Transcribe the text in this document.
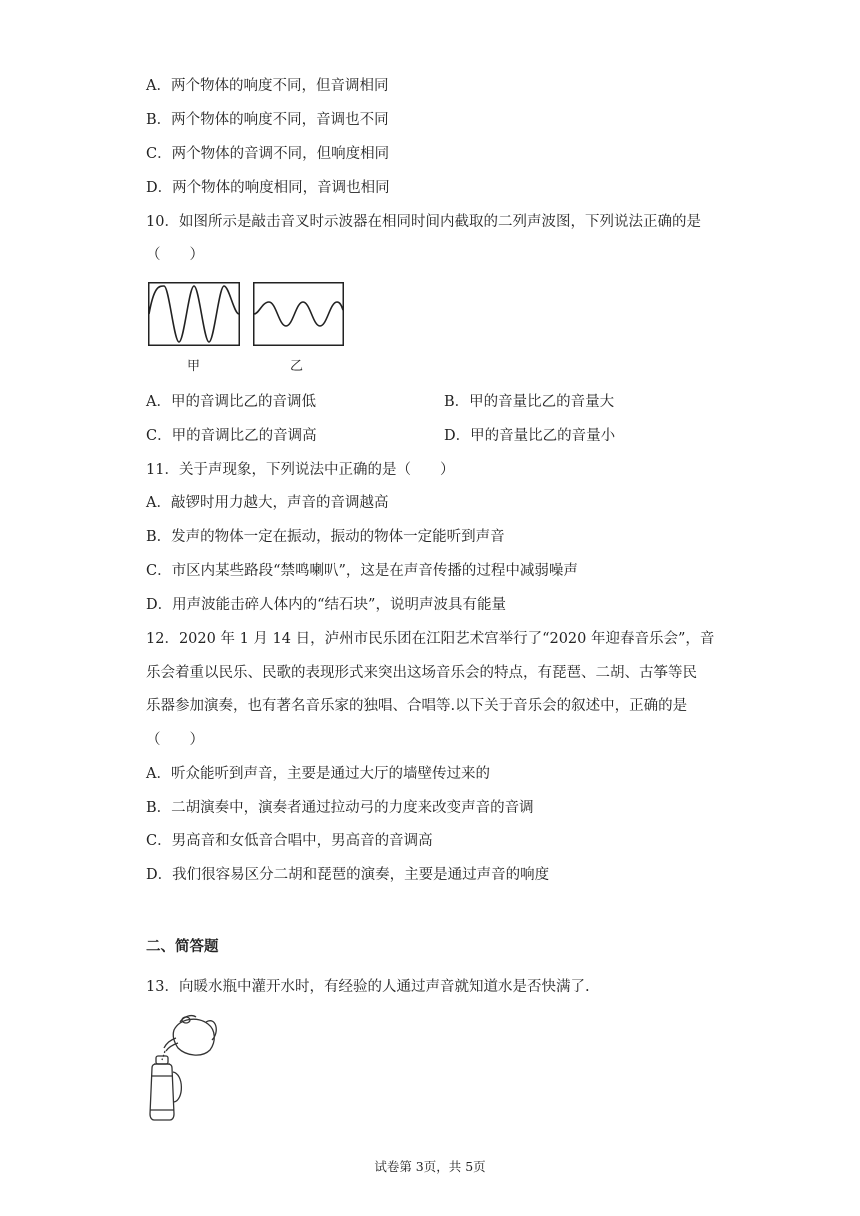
A．两个物体的响度不同，但音调相同
B．两个物体的响度不同，音调也不同
C．两个物体的音调不同，但响度相同
D．两个物体的响度相同，音调也相同
10．如图所示是敲击音叉时示波器在相同时间内截取的二列声波图，下列说法正确的是
（　　）
甲	乙
A．甲的音调比乙的音调低	B．甲的音量比乙的音量大
C．甲的音调比乙的音调高	D．甲的音量比乙的音量小
11．关于声现象，下列说法中正确的是（　　）
A．敲锣时用力越大，声音的音调越高
B．发声的物体一定在振动，振动的物体一定能听到声音
C．市区内某些路段“禁鸣喇叭”，这是在声音传播的过程中减弱噪声
D．用声波能击碎人体内的“结石块”，说明声波具有能量
12．2020 年 1 月 14 日，泸州市民乐团在江阳艺术宫举行了“2020 年迎春音乐会”，音
乐会着重以民乐、民歌的表现形式来突出这场音乐会的特点，有琵琶、二胡、古筝等民
乐器参加演奏，也有著名音乐家的独唱、合唱等.以下关于音乐会的叙述中，正确的是
（　　）
A．听众能听到声音，主要是通过大厅的墙壁传过来的
B．二胡演奏中，演奏者通过拉动弓的力度来改变声音的音调
C．男高音和女低音合唱中，男高音的音调高
D．我们很容易区分二胡和琵琶的演奏，主要是通过声音的响度
二、简答题
13．向暖水瓶中灌开水时，有经验的人通过声音就知道水是否快满了.
试卷第 3页，共 5页
